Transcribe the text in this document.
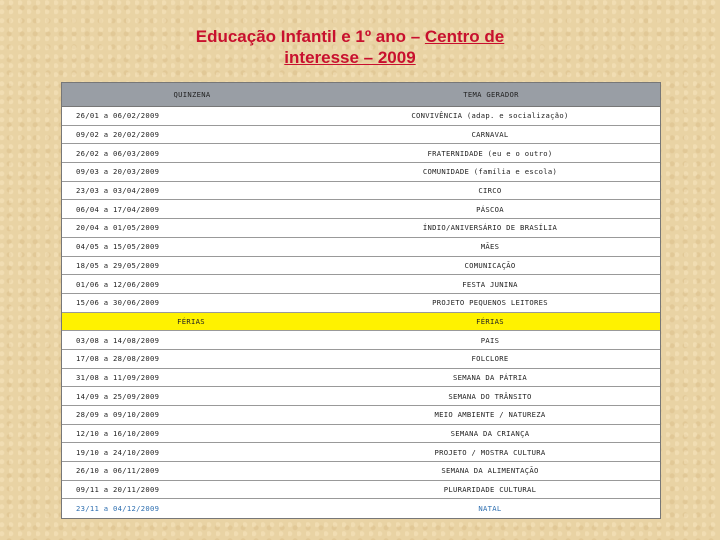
Educação Infantil e 1º ano – Centro de
interesse – 2009
QUINZENA	TEMA GERADOR
26/01 a 06/02/2009	CONVIVÊNCIA (adap. e socialização)
09/02 a 20/02/2009	CARNAVAL
26/02 a 06/03/2009	FRATERNIDADE (eu e o outro)
09/03 a 20/03/2009	COMUNIDADE (família e escola)
23/03 a 03/04/2009	CIRCO
06/04 a 17/04/2009	PÁSCOA
20/04 a 01/05/2009	ÍNDIO/ANIVERSÁRIO DE BRASÍLIA
04/05 a 15/05/2009	MÃES
18/05 a 29/05/2009	COMUNICAÇÃO
01/06 a 12/06/2009	FESTA JUNINA
15/06 a 30/06/2009	PROJETO PEQUENOS LEITORES
FÉRIAS	FÉRIAS
03/08 a 14/08/2009	PAIS
17/08 a 28/08/2009	FOLCLORE
31/08 a 11/09/2009	SEMANA DA PÁTRIA
14/09 a 25/09/2009	SEMANA DO TRÂNSITO
28/09 a 09/10/2009	MEIO AMBIENTE / NATUREZA
12/10 a 16/10/2009	SEMANA DA CRIANÇA
19/10 a 24/10/2009	PROJETO / MOSTRA CULTURA
26/10 a 06/11/2009	SEMANA DA ALIMENTAÇÃO
09/11 a 20/11/2009	PLURARIDADE CULTURAL
23/11 a 04/12/2009	NATAL
